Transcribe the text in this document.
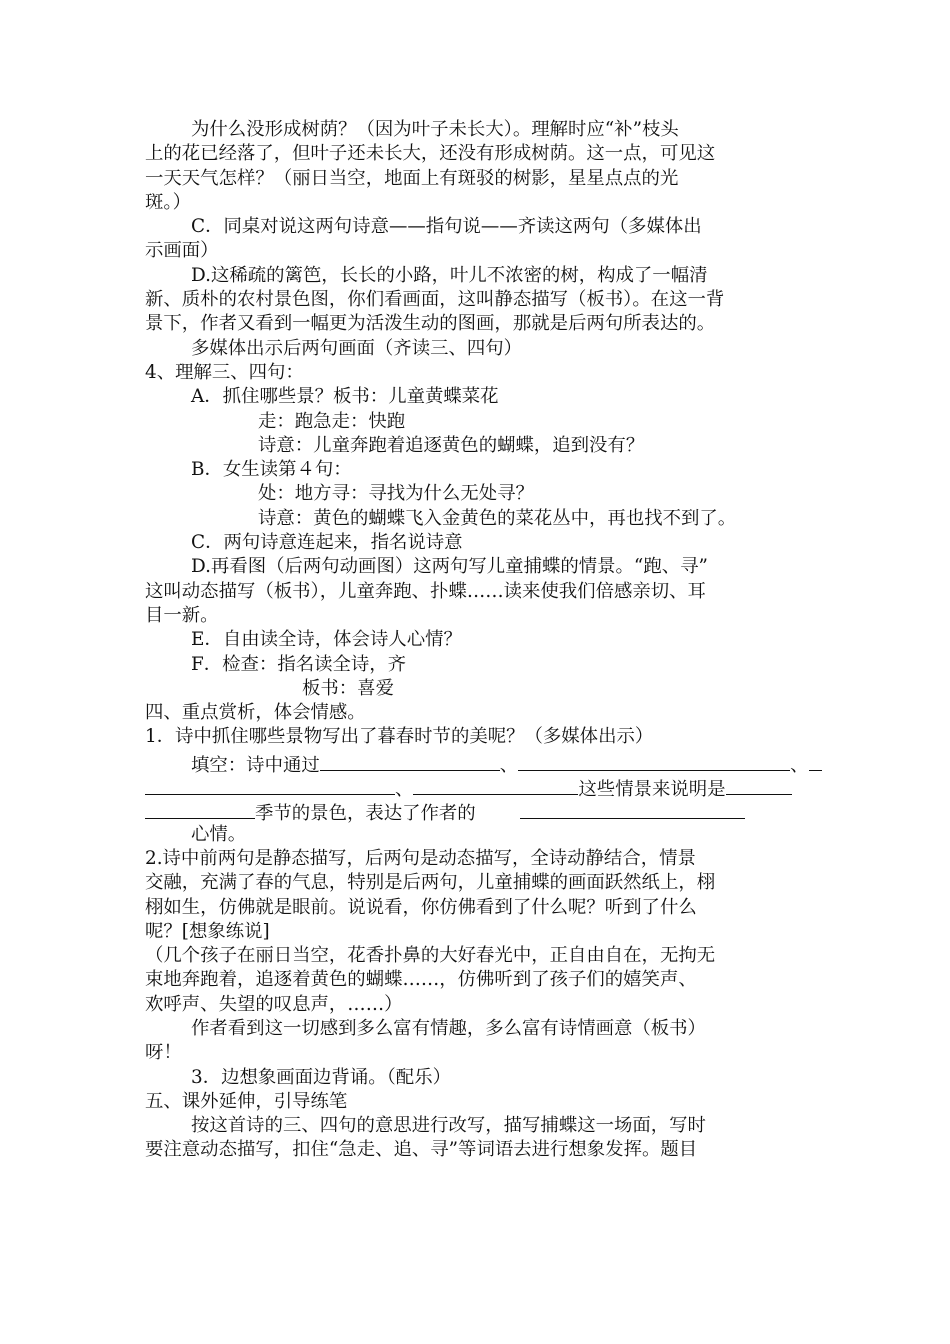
为什么没形成树荫？（因为叶子未长大）。理解时应“补”枝头
上的花已经落了，但叶子还未长大，还没有形成树荫。这一点，可见这
一天天气怎样？（丽日当空，地面上有斑驳的树影，星星点点的光
斑。）
C．同桌对说这两句诗意——指句说——齐读这两句（多媒体出
示画面）
D.这稀疏的篱笆，长长的小路，叶儿不浓密的树，构成了一幅清
新、质朴的农村景色图，你们看画面，这叫静态描写（板书）。在这一背
景下，作者又看到一幅更为活泼生动的图画，那就是后两句所表达的。
多媒体出示后两句画面（齐读三、四句）
4、理解三、四句：
A．抓住哪些景？板书：儿童黄蝶菜花
走：跑急走：快跑
诗意：儿童奔跑着追逐黄色的蝴蝶，追到没有？
B．女生读第４句：
处：地方寻：寻找为什么无处寻？
诗意：黄色的蝴蝶飞入金黄色的菜花丛中，再也找不到了。
C．两句诗意连起来，指名说诗意
D.再看图（后两句动画图）这两句写儿童捕蝶的情景。“跑、寻”
这叫动态描写（板书），儿童奔跑、扑蝶……读来使我们倍感亲切、耳
目一新。
E．自由读全诗，体会诗人心情？
F．检查：指名读全诗，齐
板书：喜爱
四、重点赏析，体会情感。
1．诗中抓住哪些景物写出了暮春时节的美呢？（多媒体出示）
填空：诗中通过	、	、
、	这些情景来说明是
季节的景色，表达了作者的
心情。
2.诗中前两句是静态描写，后两句是动态描写，全诗动静结合，情景
交融，充满了春的气息，特别是后两句，儿童捕蝶的画面跃然纸上，栩
栩如生，仿佛就是眼前。说说看，你仿佛看到了什么呢？听到了什么
呢？[想象练说]
（几个孩子在丽日当空，花香扑鼻的大好春光中，正自由自在，无拘无
束地奔跑着，追逐着黄色的蝴蝶……，仿佛听到了孩子们的嬉笑声、
欢呼声、失望的叹息声，……）
作者看到这一切感到多么富有情趣，多么富有诗情画意（板书）
呀！
3．边想象画面边背诵。（配乐）
五、课外延伸，引导练笔
按这首诗的三、四句的意思进行改写，描写捕蝶这一场面，写时
要注意动态描写，扣住“急走、追、寻”等词语去进行想象发挥。题目
